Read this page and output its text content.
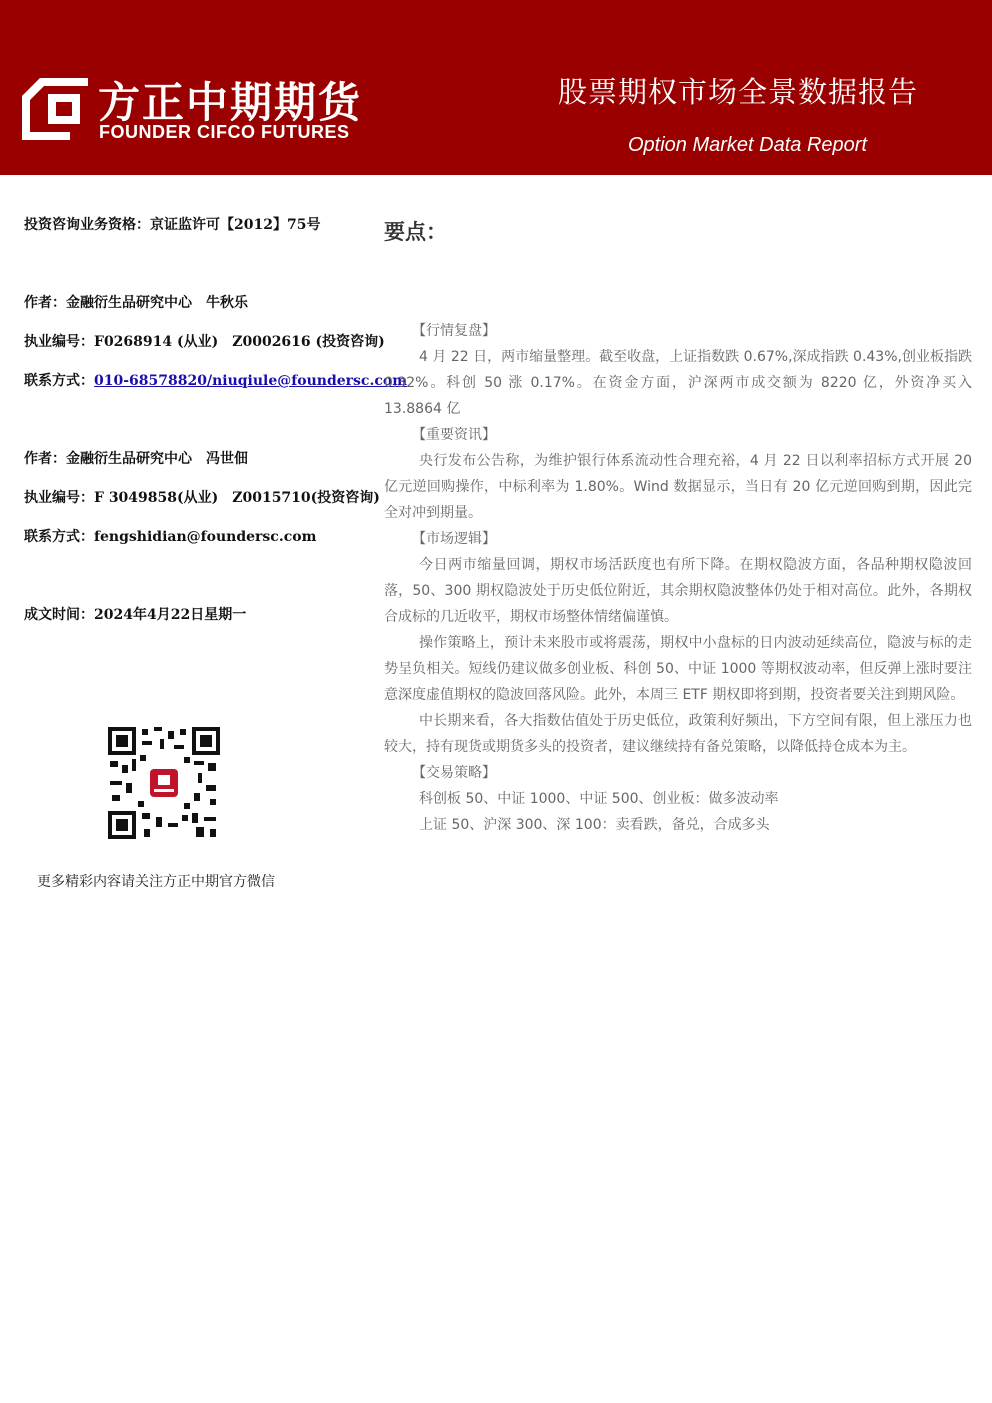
方正中期期货
FOUNDER CIFCO FUTURES
股票期权市场全景数据报告
Option Market Data Report
投资咨询业务资格：京证监许可【2012】75号
作者：金融衍生品研究中心　牛秋乐
执业编号：F0268914 (从业)　Z0002616 (投资咨询)
联系方式：010-68578820/niuqiule@foundersc.com
作者：金融衍生品研究中心　冯世佃
执业编号：F 3049858(从业)　Z0015710(投资咨询)
联系方式：fengshidian@foundersc.com
成文时间：2024年4月22日星期一
更多精彩内容请关注方正中期官方微信
要点：
【行情复盘】

4 月 22 日，两市缩量整理。截至收盘，上证指数跌 0.67%,深成指跌 0.43%,创业板指跌 0.32%。科创 50 涨 0.17%。在资金方面，沪深两市成交额为 8220 亿，外资净买入 13.8864 亿

【重要资讯】

央行发布公告称，为维护银行体系流动性合理充裕，4 月 22 日以利率招标方式开展 20 亿元逆回购操作，中标利率为 1.80%。Wind 数据显示，当日有 20 亿元逆回购到期，因此完全对冲到期量。

【市场逻辑】

今日两市缩量回调，期权市场活跃度也有所下降。在期权隐波方面，各品种期权隐波回落，50、300 期权隐波处于历史低位附近，其余期权隐波整体仍处于相对高位。此外，各期权合成标的几近收平，期权市场整体情绪偏谨慎。

操作策略上，预计未来股市或将震荡，期权中小盘标的日内波动延续高位，隐波与标的走势呈负相关。短线仍建议做多创业板、科创 50、中证 1000 等期权波动率，但反弹上涨时要注意深度虚值期权的隐波回落风险。此外，本周三 ETF 期权即将到期，投资者要关注到期风险。

中长期来看，各大指数估值处于历史低位，政策利好频出，下方空间有限，但上涨压力也较大，持有现货或期货多头的投资者，建议继续持有备兑策略，以降低持仓成本为主。

【交易策略】

科创板 50、中证 1000、中证 500、创业板：做多波动率

上证 50、沪深 300、深 100：卖看跌，备兑，合成多头
